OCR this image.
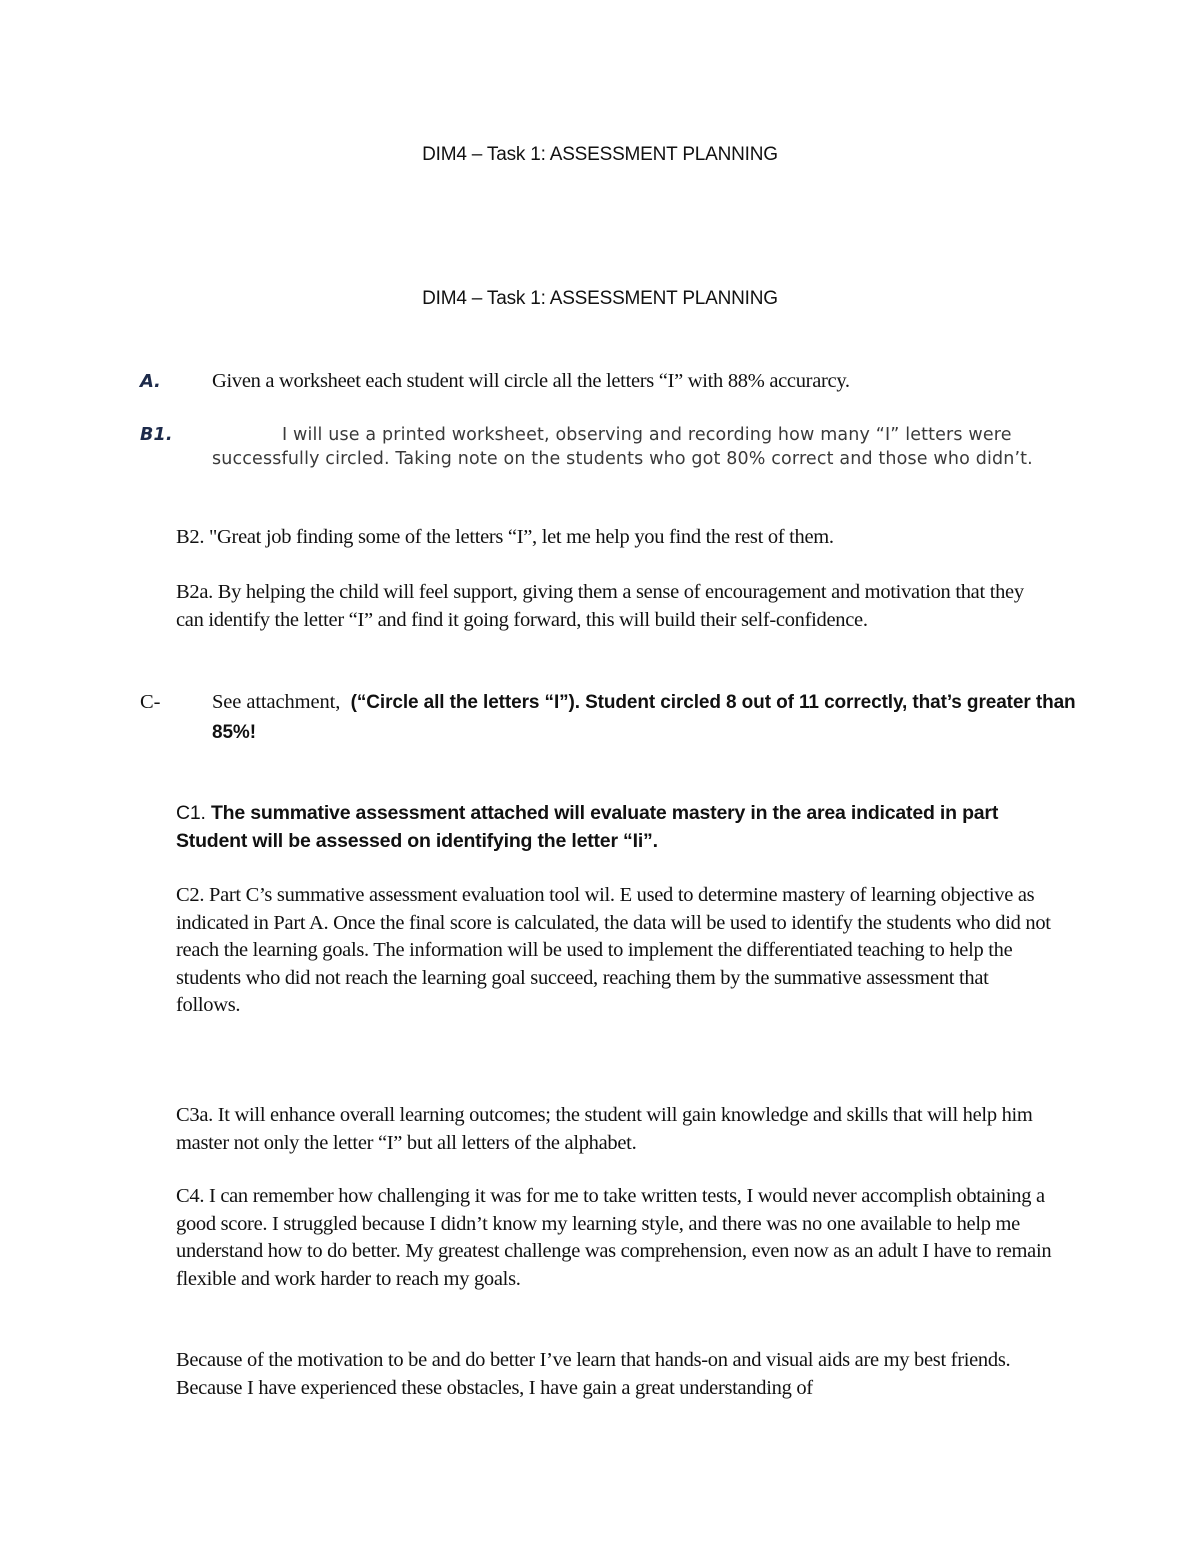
DIM4 – Task 1: ASSESSMENT PLANNING
DIM4 – Task 1: ASSESSMENT PLANNING

A.	Given a worksheet each student will circle all the letters “I” with 88% accurarcy.

B1.	I will use a printed worksheet, observing and recording how many “I” letters were successfully circled. Taking note on the students who got 80% correct and those who didn’t.

B2. "Great job finding some of the letters “I”, let me help you find the rest of them.

B2a. By helping the child will feel support, giving them a sense of encouragement and motivation that they can identify the letter “I” and find it going forward, this will build their self-confidence.

C-	See attachment, (“Circle all the letters “I”). Student circled 8 out of 11 correctly, that’s greater than 85%!

C1. The summative assessment attached will evaluate mastery in the area indicated in part Student will be assessed on identifying the letter “Ii”.

C2. Part C’s summative assessment evaluation tool wil. E used to determine mastery of learning objective as indicated in Part A. Once the final score is calculated, the data will be used to identify the students who did not reach the learning goals. The information will be used to implement the differentiated teaching to help the students who did not reach the learning goal succeed, reaching them by the summative assessment that follows.

C3a. It will enhance overall learning outcomes; the student will gain knowledge and skills that will help him master not only the letter “I” but all letters of the alphabet.

C4. I can remember how challenging it was for me to take written tests, I would never accomplish obtaining a good score. I struggled because I didn’t know my learning style, and there was no one available to help me understand how to do better. My greatest challenge was comprehension, even now as an adult I have to remain flexible and work harder to reach my goals.

Because of the motivation to be and do better I’ve learn that hands-on and visual aids are my best friends. Because I have experienced these obstacles, I have gain a great understanding of
